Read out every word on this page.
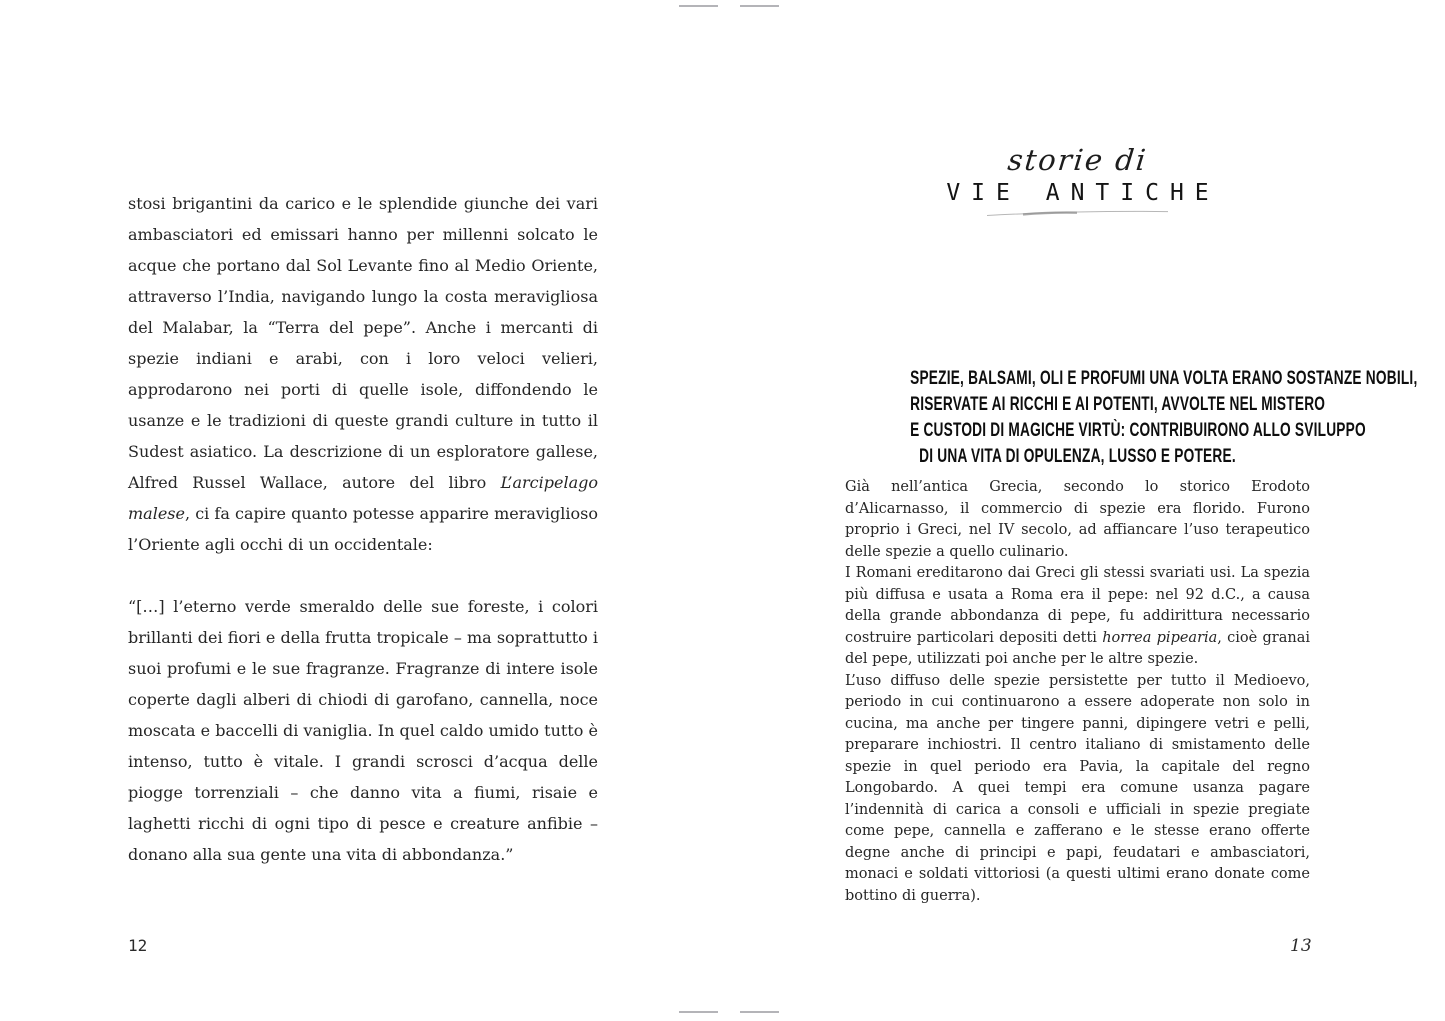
stosi brigantini da carico e le splendide giunche dei vari ambasciatori ed emissari hanno per millenni solcato le acque che portano dal Sol Levante fino al Medio Oriente, attraverso l’India, navigando lungo la costa meravigliosa del Malabar, la “Terra del pepe”. Anche i mercanti di spezie indiani e arabi, con i loro veloci velieri, approdarono nei porti di quelle isole, diffondendo le usanze e le tradizioni di queste grandi culture in tutto il Sudest asiatico. La descrizione di un esploratore gallese, Alfred Russel Wallace, autore del libro L’arcipelago malese, ci fa capire quanto potesse apparire meraviglioso l’Oriente agli occhi di un occidentale:

“[…] l’eterno verde smeraldo delle sue foreste, i colori brillanti dei fiori e della frutta tropicale – ma soprattutto i suoi profumi e le sue fragranze. Fragranze di intere isole coperte dagli alberi di chiodi di garofano, cannella, noce moscata e baccelli di vaniglia. In quel caldo umido tutto è intenso, tutto è vitale. I grandi scrosci d’acqua delle piogge torrenziali – che danno vita a fiumi, risaie e laghetti ricchi di ogni tipo di pesce e creature anfibie – donano alla sua gente una vita di abbondanza.”

12
storie di
VIE ANTICHE
SPEZIE, BALSAMI, OLI E PROFUMI UNA VOLTA ERANO SOSTANZE NOBILI,
RISERVATE AI RICCHI E AI POTENTI, AVVOLTE NEL MISTERO
E CUSTODI DI MAGICHE VIRTÙ: CONTRIBUIRONO ALLO SVILUPPO
DI UNA VITA DI OPULENZA, LUSSO E POTERE.

Già nell’antica Grecia, secondo lo storico Erodoto d’Alicarnasso, il commercio di spezie era florido. Furono proprio i Greci, nel IV secolo, ad affiancare l’uso terapeutico delle spezie a quello culinario.

I Romani ereditarono dai Greci gli stessi svariati usi. La spezia più diffusa e usata a Roma era il pepe: nel 92 d.C., a causa della grande abbondanza di pepe, fu addirittura necessario costruire particolari depositi detti horrea pipearia, cioè granai del pepe, utilizzati poi anche per le altre spezie.

L’uso diffuso delle spezie persistette per tutto il Medioevo, periodo in cui continuarono a essere adoperate non solo in cucina, ma anche per tingere panni, dipingere vetri e pelli, preparare inchiostri. Il centro italiano di smistamento delle spezie in quel periodo era Pavia, la capitale del regno Longobardo. A quei tempi era comune usanza pagare l’indennità di carica a consoli e ufficiali in spezie pregiate come pepe, cannella e zafferano e le stesse erano offerte degne anche di principi e papi, feudatari e ambasciatori, monaci e soldati vittoriosi (a questi ultimi erano donate come bottino di guerra).

13
